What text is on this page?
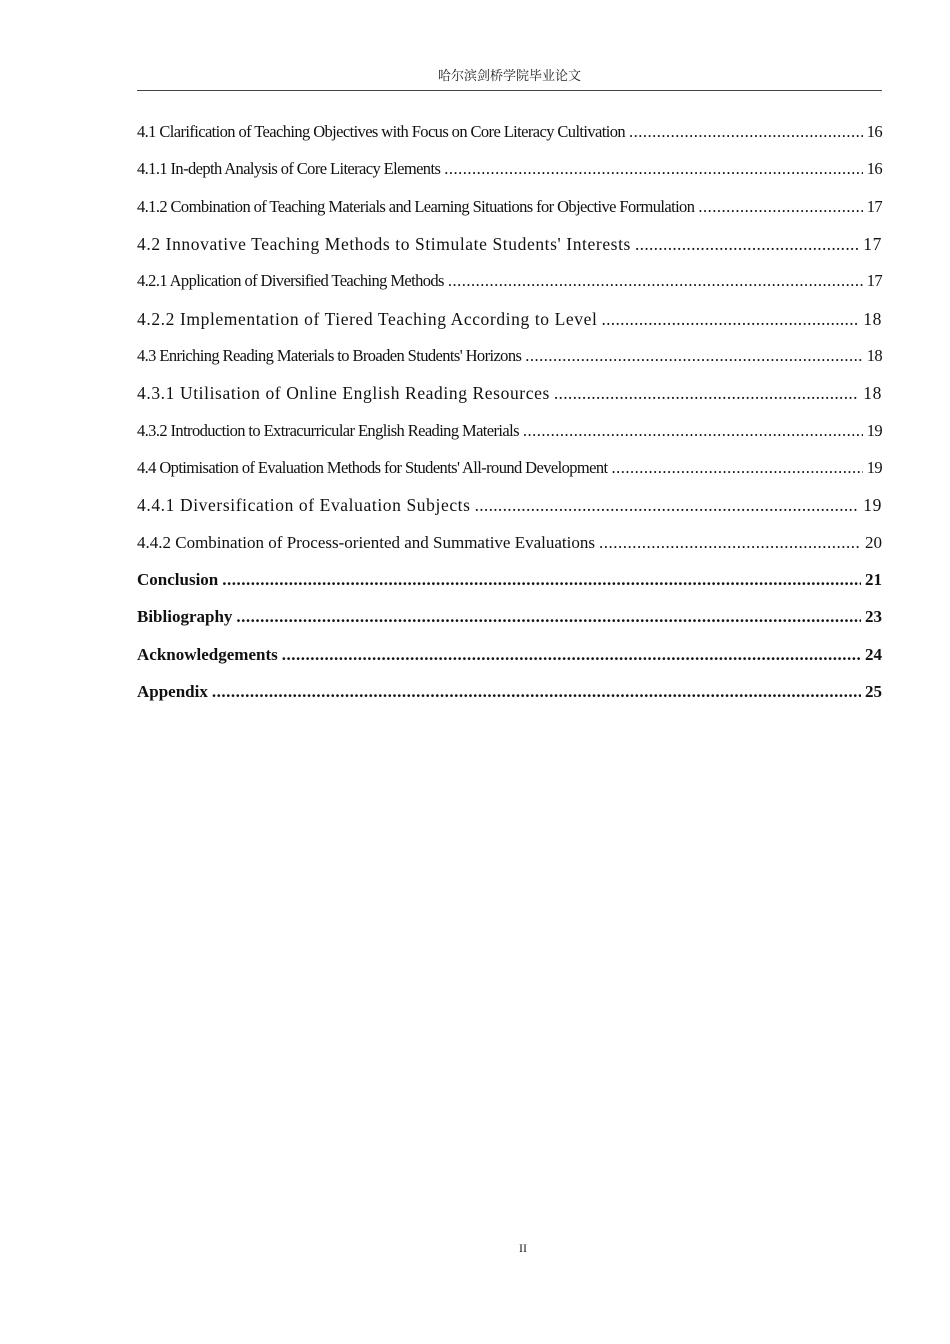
哈尔滨剑桥学院毕业论文
4.1 Clarification of Teaching Objectives with Focus on Core Literacy Cultivation .....	16
4.1.1 In-depth Analysis of Core Literacy Elements .....	16
4.1.2 Combination of Teaching Materials and Learning Situations for Objective Formulation .....	17
4.2 Innovative Teaching Methods to Stimulate Students' Interests .....	17
4.2.1 Application of Diversified Teaching Methods .....	17
4.2.2 Implementation of Tiered Teaching According to Level .....	18
4.3 Enriching Reading Materials to Broaden Students' Horizons .....	18
4.3.1 Utilisation of Online English Reading Resources .....	18
4.3.2 Introduction to Extracurricular English Reading Materials .....	19
4.4 Optimisation of Evaluation Methods for Students' All-round Development .....	19
4.4.1 Diversification of Evaluation Subjects .....	19
4.4.2 Combination of Process-oriented and Summative Evaluations .....	20
Conclusion .....	21
Bibliography .....	23
Acknowledgements .....	24
Appendix .....	25
II
